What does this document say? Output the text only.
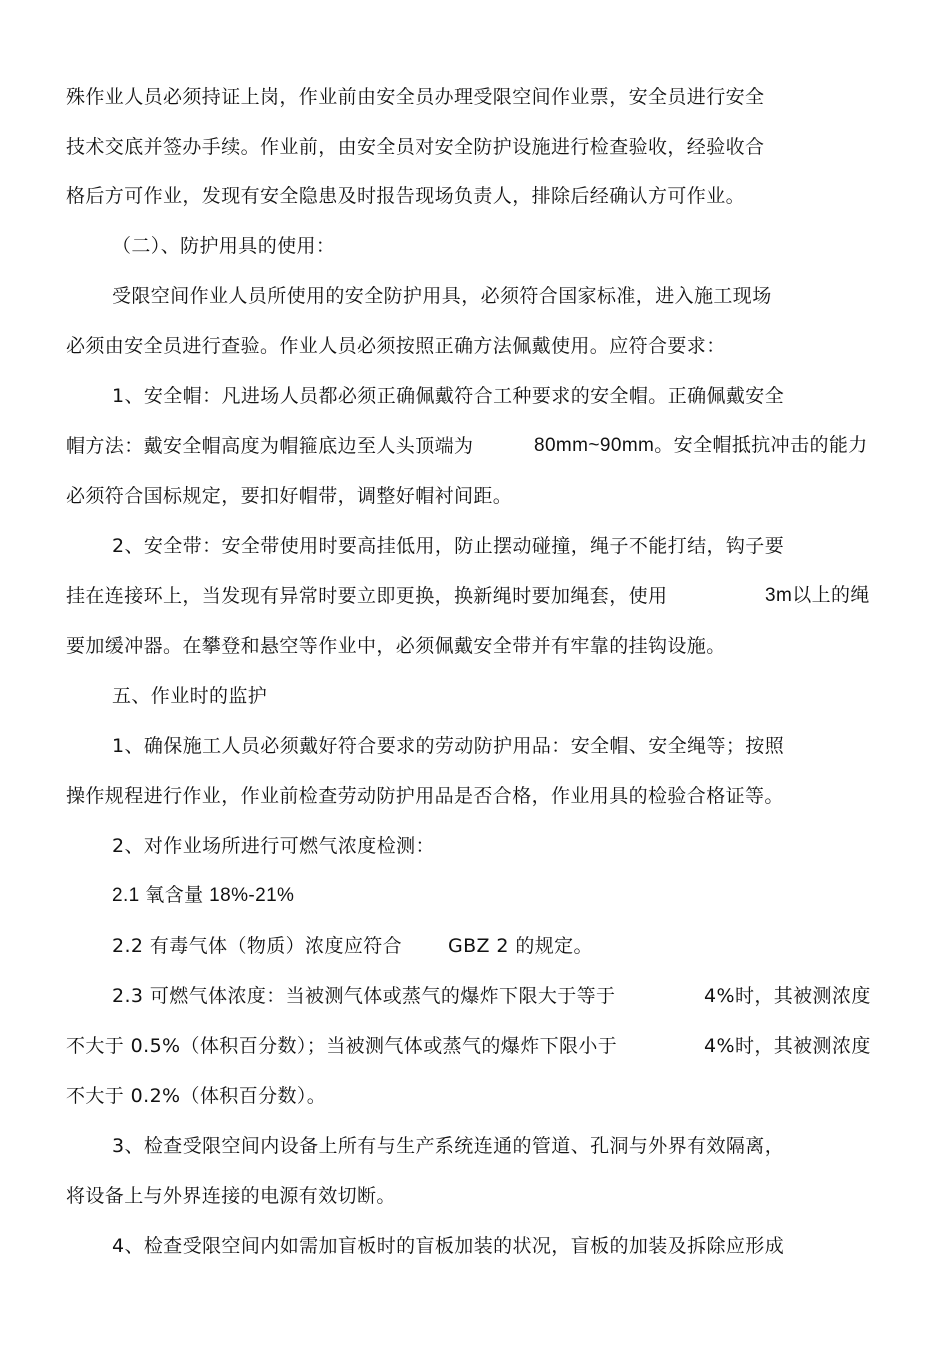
殊作业人员必须持证上岗，作业前由安全员办理受限空间作业票，安全员进行安全
技术交底并签办手续。作业前，由安全员对安全防护设施进行检查验收，经验收合
格后方可作业，发现有安全隐患及时报告现场负责人，排除后经确认方可作业。
（二）、防护用具的使用：
受限空间作业人员所使用的安全防护用具，必须符合国家标准，进入施工现场
必须由安全员进行查验。作业人员必须按照正确方法佩戴使用。应符合要求：
1、安全帽：凡进场人员都必须正确佩戴符合工种要求的安全帽。正确佩戴安全
帽方法：戴安全帽高度为帽箍底边至人头顶端为	80mm~90mm。安全帽抵抗冲击的能力
必须符合国标规定，要扣好帽带，调整好帽衬间距。
2、安全带：安全带使用时要高挂低用，防止摆动碰撞，绳子不能打结，钩子要
挂在连接环上，当发现有异常时要立即更换，换新绳时要加绳套，使用	3m以上的绳
要加缓冲器。在攀登和悬空等作业中，必须佩戴安全带并有牢靠的挂钩设施。
五、作业时的监护
1、确保施工人员必须戴好符合要求的劳动防护用品：安全帽、安全绳等；按照
操作规程进行作业，作业前检查劳动防护用品是否合格，作业用具的检验合格证等。
2、对作业场所进行可燃气浓度检测：
2.1 氧含量 18%-21%
2.2 有毒气体（物质）浓度应符合 GBZ 2 的规定。
2.3 可燃气体浓度：当被测气体或蒸气的爆炸下限大于等于	4%时，其被测浓度
不大于 0.5%（体积百分数）；当被测气体或蒸气的爆炸下限小于	4%时，其被测浓度
不大于 0.2%（体积百分数）。
3、检查受限空间内设备上所有与生产系统连通的管道、孔洞与外界有效隔离，
将设备上与外界连接的电源有效切断。
4、检查受限空间内如需加盲板时的盲板加装的状况，盲板的加装及拆除应形成
